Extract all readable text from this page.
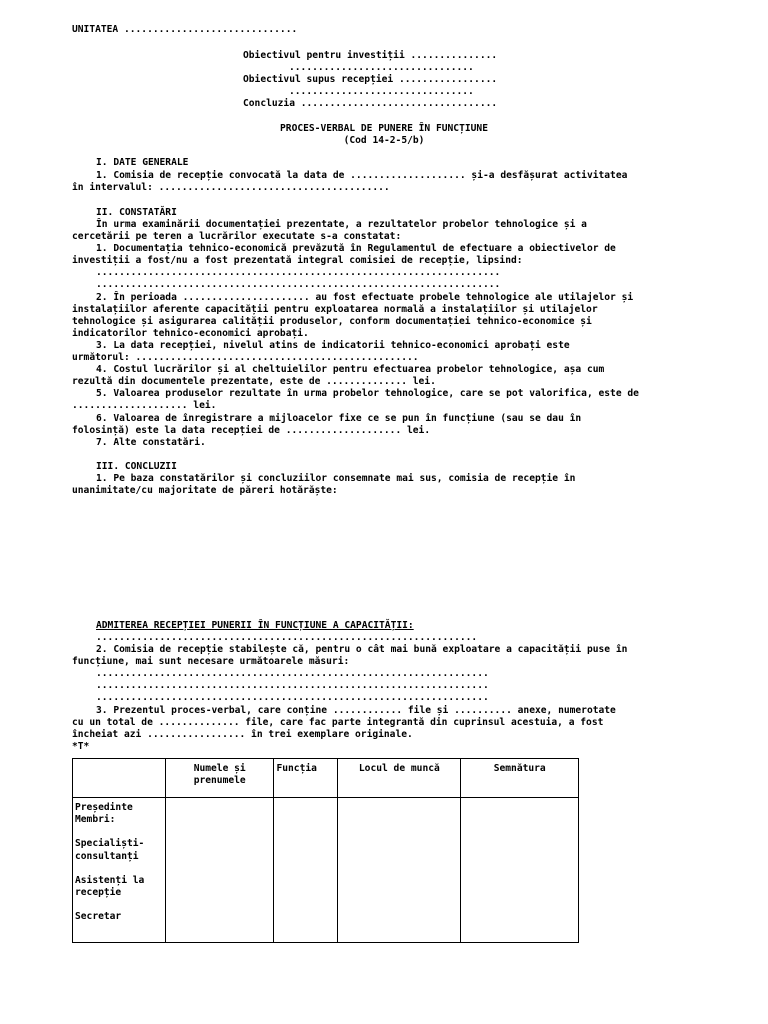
UNITATEA ..............................
Obiectivul pentru investiții ...............
................................
Obiectivul supus recepției .................
................................
Concluzia ..................................
PROCES-VERBAL DE PUNERE ÎN FUNCȚIUNE
(Cod 14-2-5/b)
I. DATE GENERALE
1. Comisia de recepție convocată la data de .................... și-a desfășurat activitatea
în intervalul: ........................................
II. CONSTATĂRI
În urma examinării documentației prezentate, a rezultatelor probelor tehnologice și a
cercetării pe teren a lucrărilor executate s-a constatat:
1. Documentația tehnico-economică prevăzută în Regulamentul de efectuare a obiectivelor de
investiții a fost/nu a fost prezentată integral comisiei de recepție, lipsind:
......................................................................
......................................................................
2. În perioada ...................... au fost efectuate probele tehnologice ale utilajelor și
instalațiilor aferente capacității pentru exploatarea normală a instalațiilor și utilajelor
tehnologice și asigurarea calității produselor, conform documentației tehnico-economice și
indicatorilor tehnico-economici aprobați.
3. La data recepției, nivelul atins de indicatorii tehnico-economici aprobați este
următorul: .................................................
4. Costul lucrărilor și al cheltuielilor pentru efectuarea probelor tehnologice, așa cum
rezultă din documentele prezentate, este de .............. lei.
5. Valoarea produselor rezultate în urma probelor tehnologice, care se pot valorifica, este de
.................... lei.
6. Valoarea de înregistrare a mijloacelor fixe ce se pun în funcțiune (sau se dau în
folosință) este la data recepției de .................... lei.
7. Alte constatări.
III. CONCLUZII
1. Pe baza constatărilor și concluziilor consemnate mai sus, comisia de recepție în
unanimitate/cu majoritate de păreri hotărăște:
ADMITEREA RECEPȚIEI PUNERII ÎN FUNCȚIUNE A CAPACITĂȚII:
..................................................................
2. Comisia de recepție stabilește că, pentru o cât mai bună exploatare a capacității puse în
funcțiune, mai sunt necesare următoarele măsuri:
....................................................................
....................................................................
....................................................................
3. Prezentul proces-verbal, care conține ............ file și .......... anexe, numerotate
cu un total de .............. file, care fac parte integrantă din cuprinsul acestuia, a fost
încheiat azi ................. în trei exemplare originale.
*T*
	Numele și prenumele	Funcția	Locul de muncă	Semnătura
Președinte

Membri:
Specialiști-consultanți
Asistenți la recepție
Secretar				
